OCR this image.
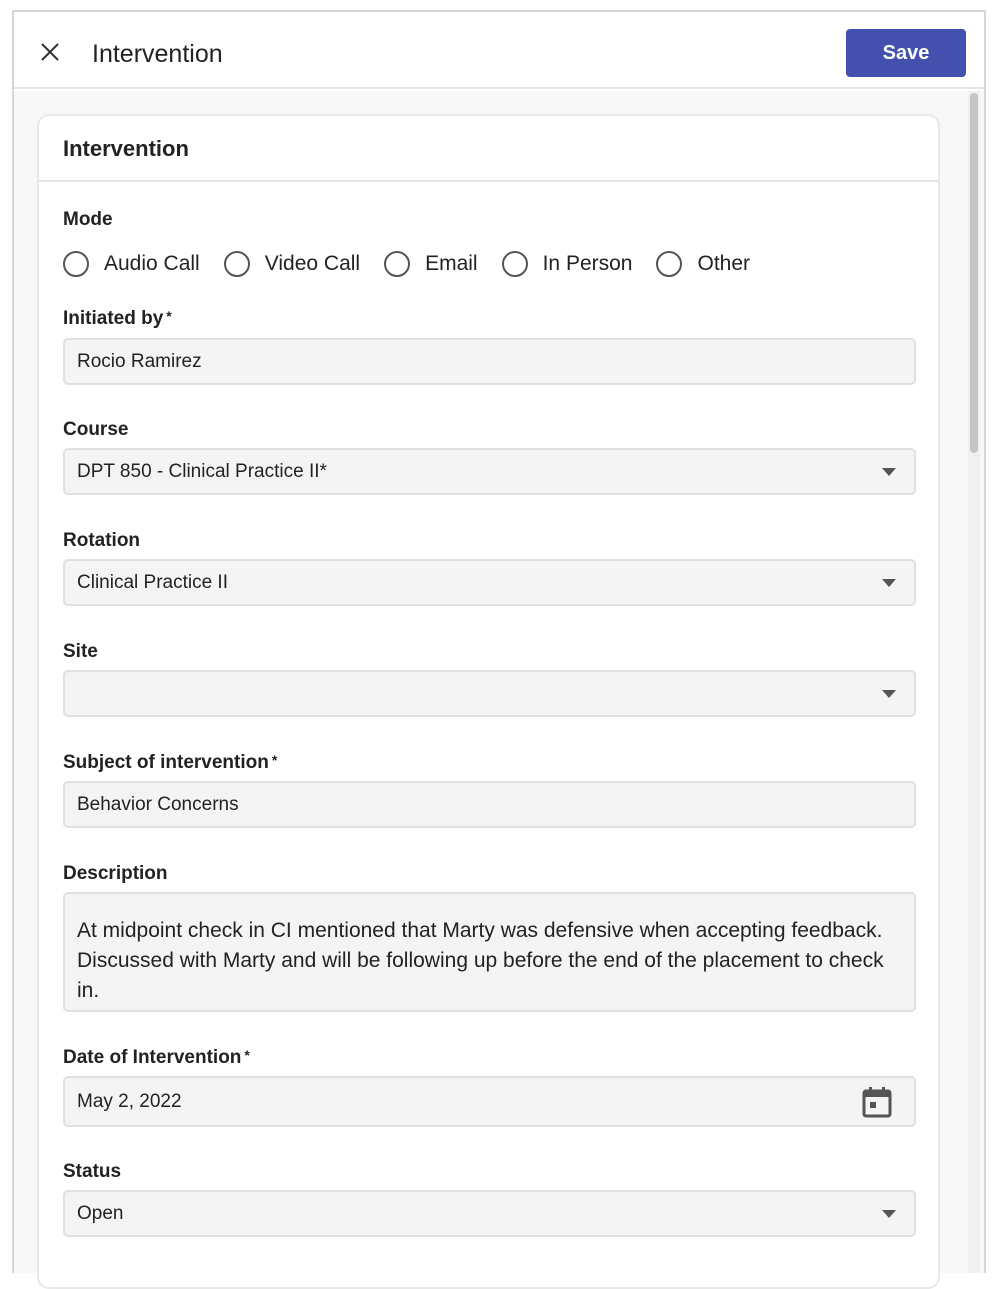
Intervention	Save
Intervention
Mode
Audio Call	Video Call	Email	In Person	Other
Initiated by *
Rocio Ramirez
Course
DPT 850 - Clinical Practice II*
Rotation
Clinical Practice II
Site
Subject of intervention *
Behavior Concerns
Description
At midpoint check in CI mentioned that Marty was defensive when accepting feedback. Discussed with Marty and will be following up before the end of the placement to check in.
Date of Intervention *
May 2, 2022
Status
Open
